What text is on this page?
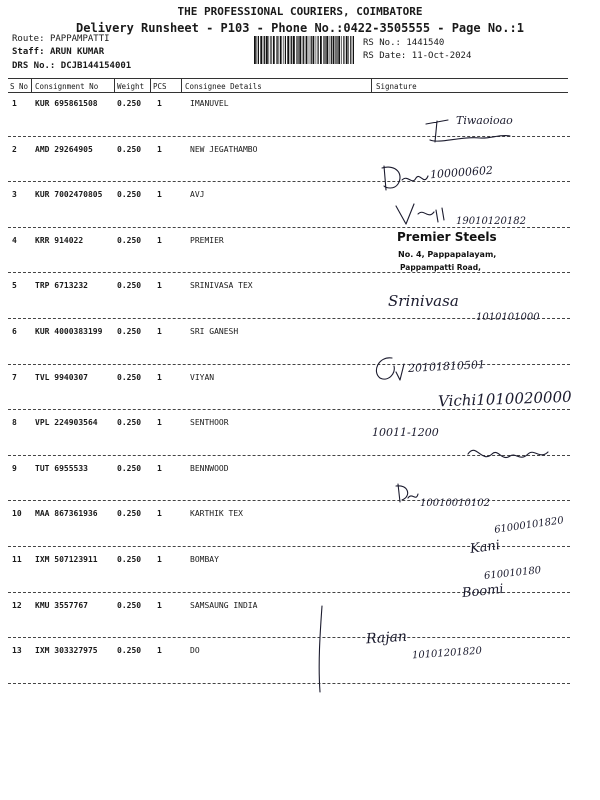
THE PROFESSIONAL COURIERS, COIMBATORE
Delivery Runsheet - P103 - Phone No.:0422-3505555 - Page No.:1
Route: PAPPAMPATTI
Staff: ARUN KUMAR
DRS No.: DCJB144154001
RS No.: 1441540
RS Date: 11-Oct-2024
S No Consignment No	Weight PCS Consignee Details	Signature
1 KUR 695861508 0.250 1	IMANUVEL
2 AMD 29264905	0.250 1	NEW JEGATHAMBO
3 KUR 7002470805 0.250 1	AVJ
4 KRR 914022	0.250 1	PREMIER
5 TRP 6713232	0.250 1	SRINIVASA TEX
6 KUR 4000383199 0.250 1	SRI GANESH
7 TVL 9940307	0.250 1	VIYAN
8 VPL 224903564 0.250 1	SENTHOOR
9 TUT 6955533	0.250 1	BENNWOOD
10 MAA 867361936 0.250 1	KARTHIK TEX
11 IXM 507123911 0.250 1	BOMBAY
12 KMU 3557767	0.250 1	SAMSAUNG INDIA
13 IXM 303327975 0.250 1	DO
Tiwaoioao
100000602
19010120182
Premier Steels
No. 4, Pappapalayam,
Pappampatti Road,
Srinivasa
1010101000
20101810501
Vichi1010020000
10011-1200
10010010102
61000101820
Kani
610010180
Boomi
Rajan
10101201820
